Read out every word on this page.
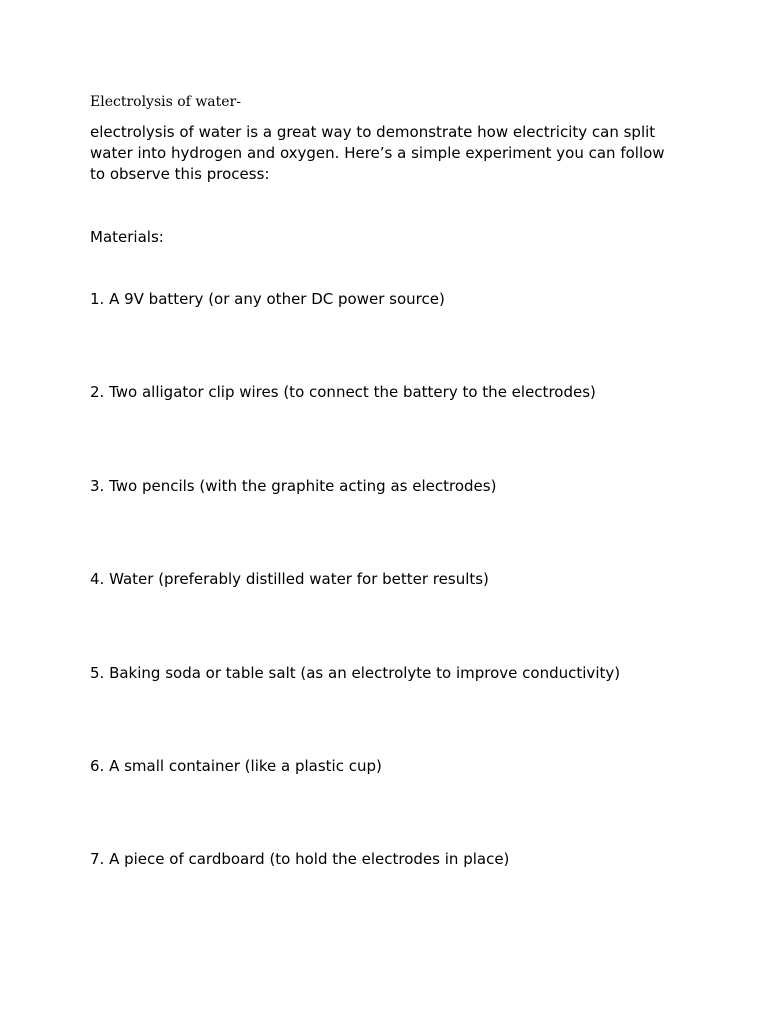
Electrolysis of water-
electrolysis of water is a great way to demonstrate how electricity can split
water into hydrogen and oxygen. Here’s a simple experiment you can follow
to observe this process:
Materials:
1. A 9V battery (or any other DC power source)
2. Two alligator clip wires (to connect the battery to the electrodes)
3. Two pencils (with the graphite acting as electrodes)
4. Water (preferably distilled water for better results)
5. Baking soda or table salt (as an electrolyte to improve conductivity)
6. A small container (like a plastic cup)
7. A piece of cardboard (to hold the electrodes in place)
